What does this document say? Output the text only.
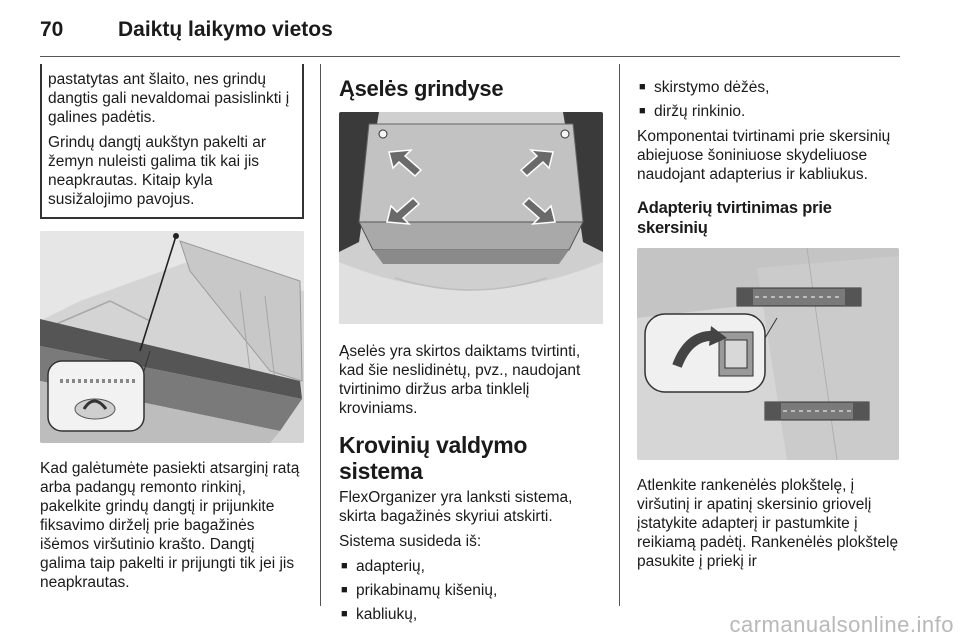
70	Daiktų laikymo vietos

pastatytas ant šlaito, nes grindų dangtis gali nevaldomai pasislinkti į galines padėtis.

Grindų dangtį aukštyn pakelti ar žemyn nuleisti galima tik kai jis neapkrautas. Kitaip kyla susižalojimo pavojus.

Kad galėtumėte pasiekti atsarginį ratą arba padangų remonto rinkinį, pakelkite grindų dangtį ir prijunkite fiksavimo dirželį prie bagažinės išėmos viršutinio krašto. Dangtį galima taip pakelti ir prijungti tik jei jis neapkrautas.

Ąselės grindyse

Ąselės yra skirtos daiktams tvirtinti, kad šie neslidinėtų, pvz., naudojant tvirtinimo diržus arba tinklelį kroviniams.

Krovinių valdymo sistema

FlexOrganizer yra lanksti sistema, skirta bagažinės skyriui atskirti.

Sistema susideda iš:

■ adapterių,
■ prikabinamų kišenių,
■ kabliukų,
■ skirstymo dėžės,
■ diržų rinkinio.

Komponentai tvirtinami prie skersinių abiejuose šoniniuose skydeliuose naudojant adapterius ir kabliukus.

Adapterių tvirtinimas prie skersinių

Atlenkite rankenėlės plokštelę, į viršutinį ir apatinį skersinio griovelį įstatykite adapterį ir pastumkite į reikiamą padėtį. Rankenėlės plokštelę pasukite į priekį ir

carmanualsonline.info
